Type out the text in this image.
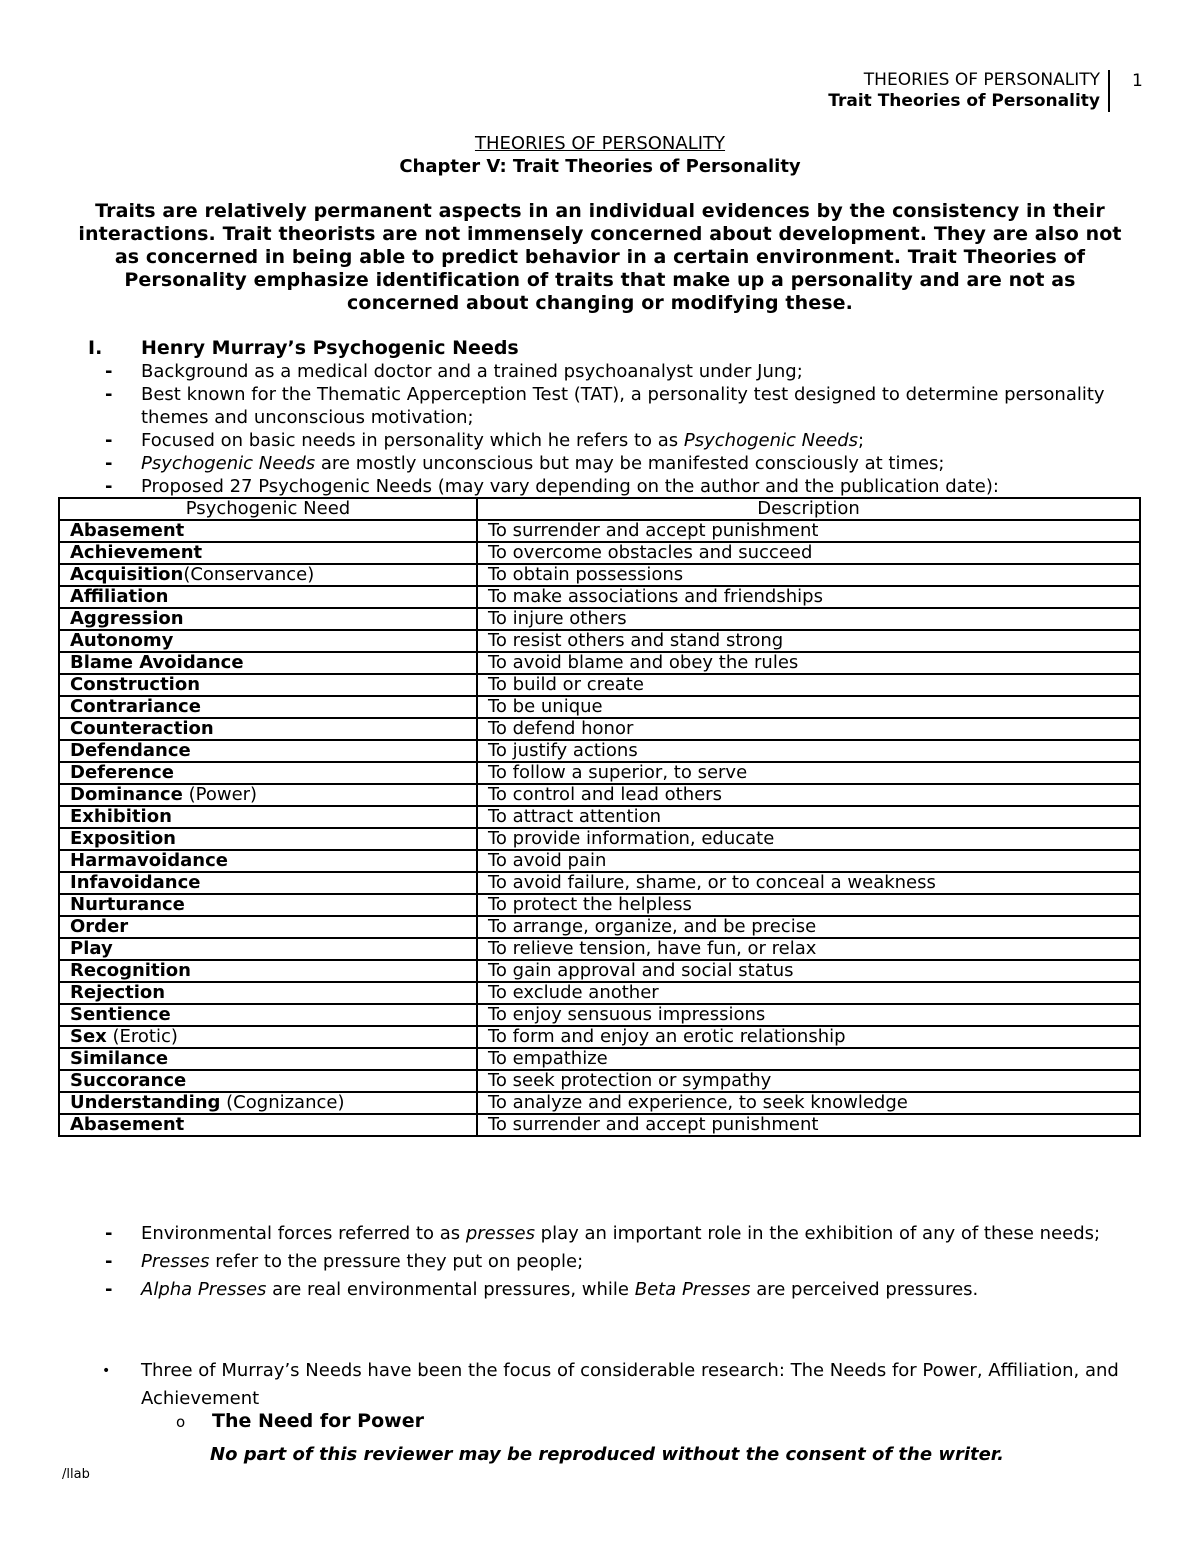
THEORIES OF PERSONALITY
Trait Theories of Personality
1
THEORIES OF PERSONALITY
Chapter V: Trait Theories of Personality
Traits are relatively permanent aspects in an individual evidences by the consistency in their interactions. Trait theorists are not immensely concerned about development. They are also not as concerned in being able to predict behavior in a certain environment. Trait Theories of Personality emphasize identification of traits that make up a personality and are not as concerned about changing or modifying these.
I. Henry Murray’s Psychogenic Needs
- Background as a medical doctor and a trained psychoanalyst under Jung;
- Best known for the Thematic Apperception Test (TAT), a personality test designed to determine personality themes and unconscious motivation;
- Focused on basic needs in personality which he refers to as Psychogenic Needs;
- Psychogenic Needs are mostly unconscious but may be manifested consciously at times;
- Proposed 27 Psychogenic Needs (may vary depending on the author and the publication date):
Psychogenic Need	Description
Abasement	To surrender and accept punishment
Achievement	To overcome obstacles and succeed
Acquisition(Conservance)	To obtain possessions
Affiliation	To make associations and friendships
Aggression	To injure others
Autonomy	To resist others and stand strong
Blame Avoidance	To avoid blame and obey the rules
Construction	To build or create
Contrariance	To be unique
Counteraction	To defend honor
Defendance	To justify actions
Deference	To follow a superior, to serve
Dominance (Power)	To control and lead others
Exhibition	To attract attention
Exposition	To provide information, educate
Harmavoidance	To avoid pain
Infavoidance	To avoid failure, shame, or to conceal a weakness
Nurturance	To protect the helpless
Order	To arrange, organize, and be precise
Play	To relieve tension, have fun, or relax
Recognition	To gain approval and social status
Rejection	To exclude another
Sentience	To enjoy sensuous impressions
Sex (Erotic)	To form and enjoy an erotic relationship
Similance	To empathize
Succorance	To seek protection or sympathy
Understanding (Cognizance)	To analyze and experience, to seek knowledge
Abasement	To surrender and accept punishment
- Environmental forces referred to as presses play an important role in the exhibition of any of these needs;
- Presses refer to the pressure they put on people;
- Alpha Presses are real environmental pressures, while Beta Presses are perceived pressures.
• Three of Murray’s Needs have been the focus of considerable research: The Needs for Power, Affiliation, and Achievement
o The Need for Power
No part of this reviewer may be reproduced without the consent of the writer.
/llab
